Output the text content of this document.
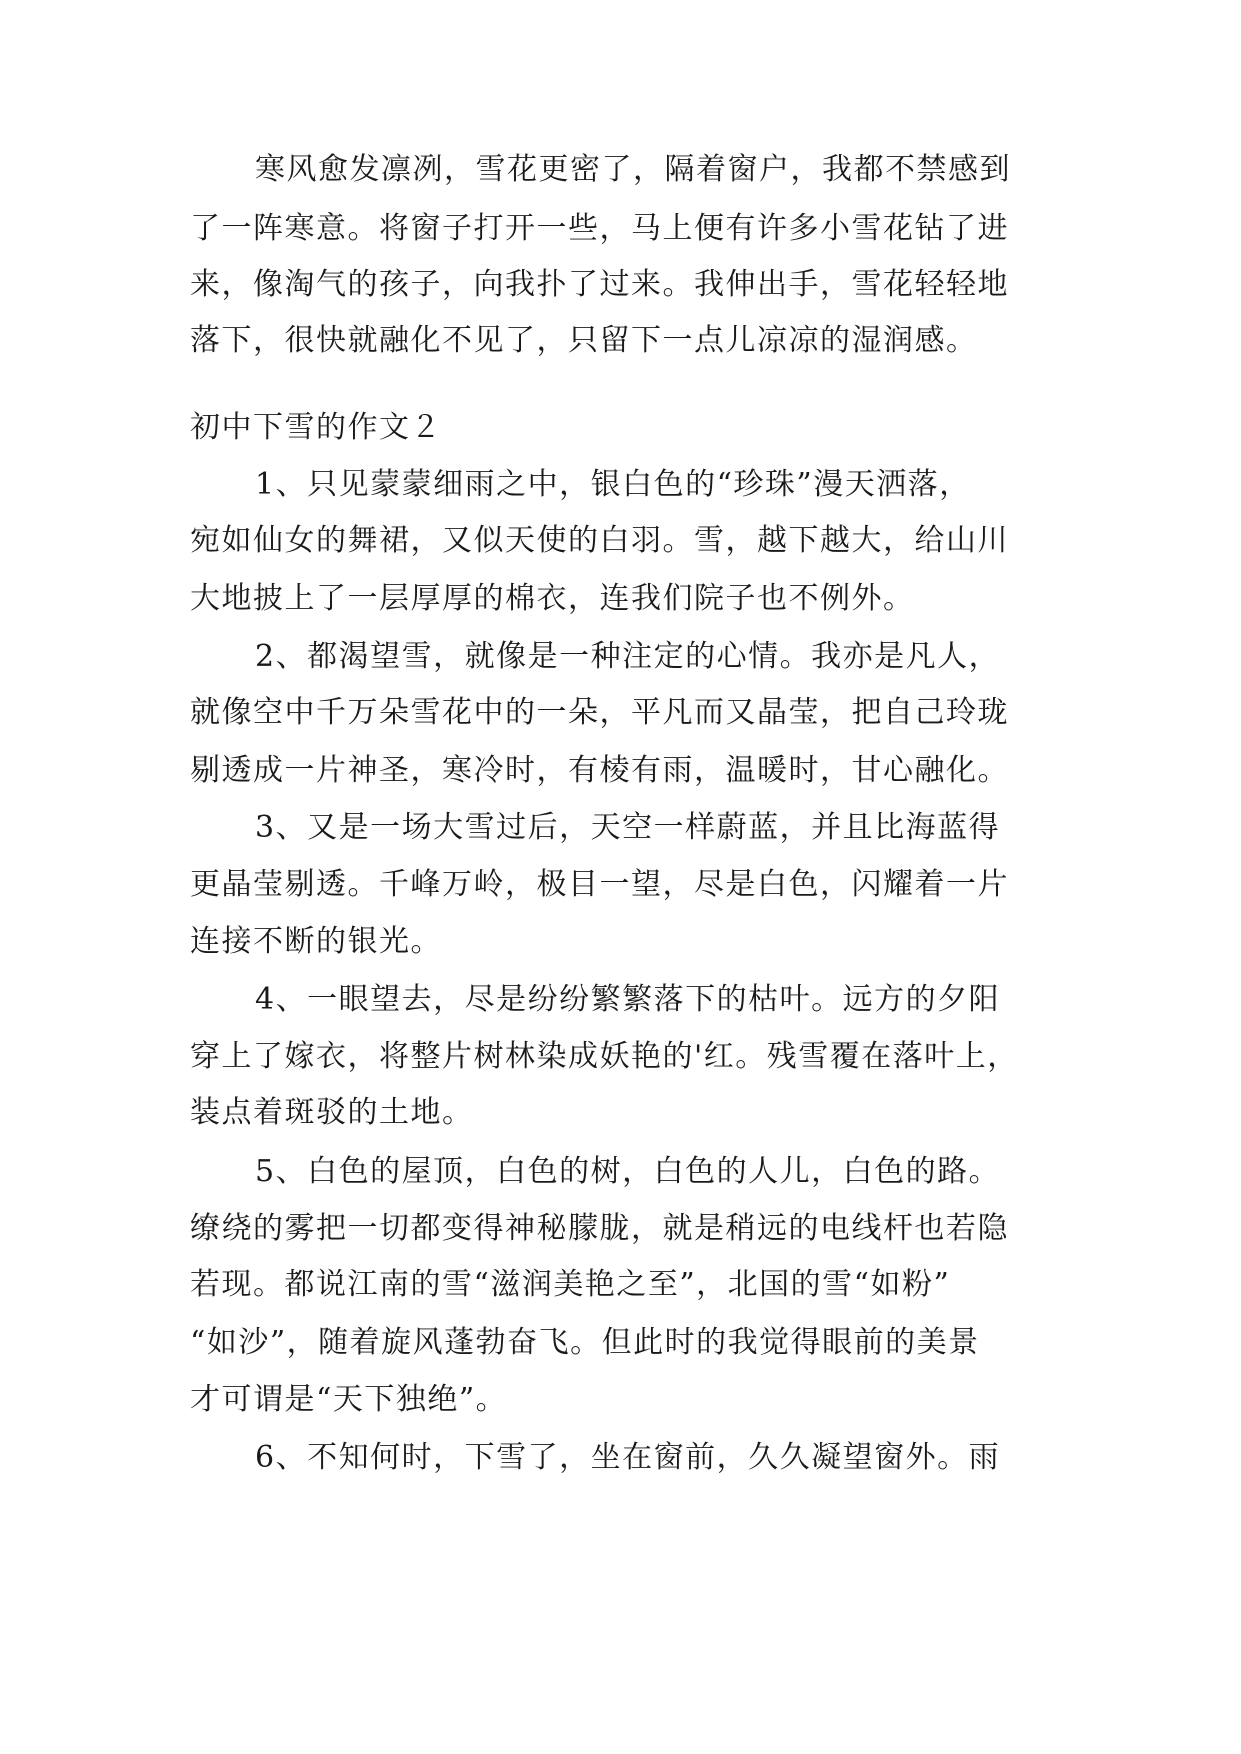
寒风愈发凛冽，雪花更密了，隔着窗户，我都不禁感到
了一阵寒意。将窗子打开一些，马上便有许多小雪花钻了进
来，像淘气的孩子，向我扑了过来。我伸出手，雪花轻轻地
落下，很快就融化不见了，只留下一点儿凉凉的湿润感。
初中下雪的作文２
1、只见蒙蒙细雨之中，银白色的“珍珠”漫天洒落，
宛如仙女的舞裙，又似天使的白羽。雪，越下越大，给山川
大地披上了一层厚厚的棉衣，连我们院子也不例外。
2、都渴望雪，就像是一种注定的心情。我亦是凡人，
就像空中千万朵雪花中的一朵，平凡而又晶莹，把自己玲珑
剔透成一片神圣，寒冷时，有棱有雨，温暖时，甘心融化。
3、又是一场大雪过后，天空一样蔚蓝，并且比海蓝得
更晶莹剔透。千峰万岭，极目一望，尽是白色，闪耀着一片
连接不断的银光。
4、一眼望去，尽是纷纷繁繁落下的枯叶。远方的夕阳
穿上了嫁衣，将整片树林染成妖艳的'红。残雪覆在落叶上，
装点着斑驳的土地。
5、白色的屋顶，白色的树，白色的人儿，白色的路。
缭绕的雾把一切都变得神秘朦胧，就是稍远的电线杆也若隐
若现。都说江南的雪“滋润美艳之至”，北国的雪“如粉”
“如沙”，随着旋风蓬勃奋飞。但此时的我觉得眼前的美景
才可谓是“天下独绝”。
6、不知何时，下雪了，坐在窗前，久久凝望窗外。雨
